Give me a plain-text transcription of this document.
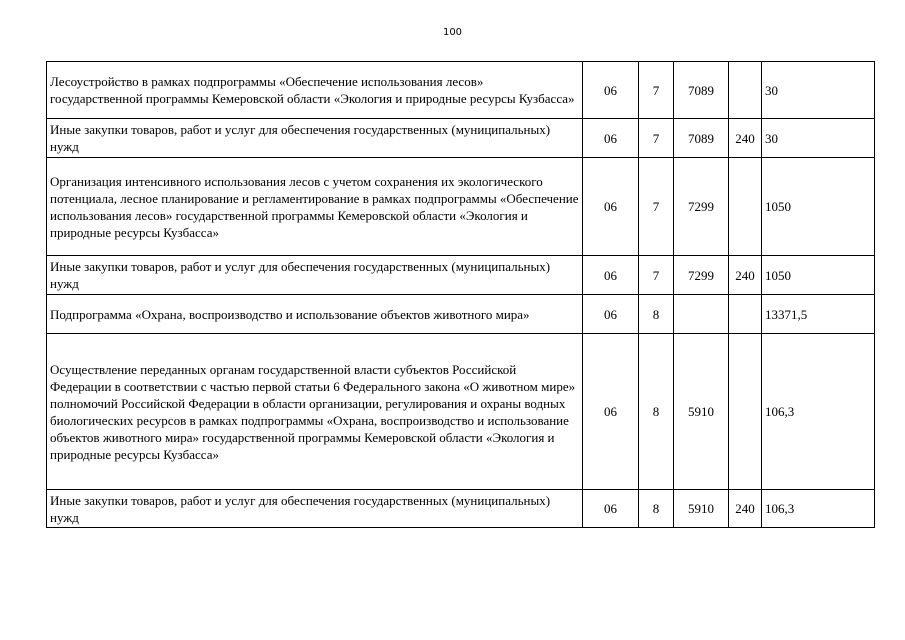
100
Лесоустройство в рамках подпрограммы «Обеспечение использования лесов» государственной программы Кемеровской области «Экология и природные ресурсы Кузбасса»	06	7	7089		30
Иные закупки товаров, работ и услуг для обеспечения государственных (муниципальных) нужд	06	7	7089	240	30
Организация интенсивного использования лесов с учетом сохранения их экологического потенциала, лесное планирование и регламентирование в рамках подпрограммы «Обеспечение использования лесов» государственной программы Кемеровской области «Экология и природные ресурсы Кузбасса»	06	7	7299		1050
Иные закупки товаров, работ и услуг для обеспечения государственных (муниципальных) нужд	06	7	7299	240	1050
Подпрограмма «Охрана, воспроизводство и использование объектов животного мира»	06	8			13371,5
Осуществление переданных органам государственной власти субъектов Российской Федерации в соответствии с частью первой статьи 6 Федерального закона «О животном мире» полномочий Российской Федерации в области организации, регулирования и охраны водных биологических ресурсов в рамках подпрограммы «Охрана, воспроизводство и использование объектов животного мира» государственной программы Кемеровской области «Экология и природные ресурсы Кузбасса»	06	8	5910		106,3
Иные закупки товаров, работ и услуг для обеспечения государственных (муниципальных) нужд	06	8	5910	240	106,3
